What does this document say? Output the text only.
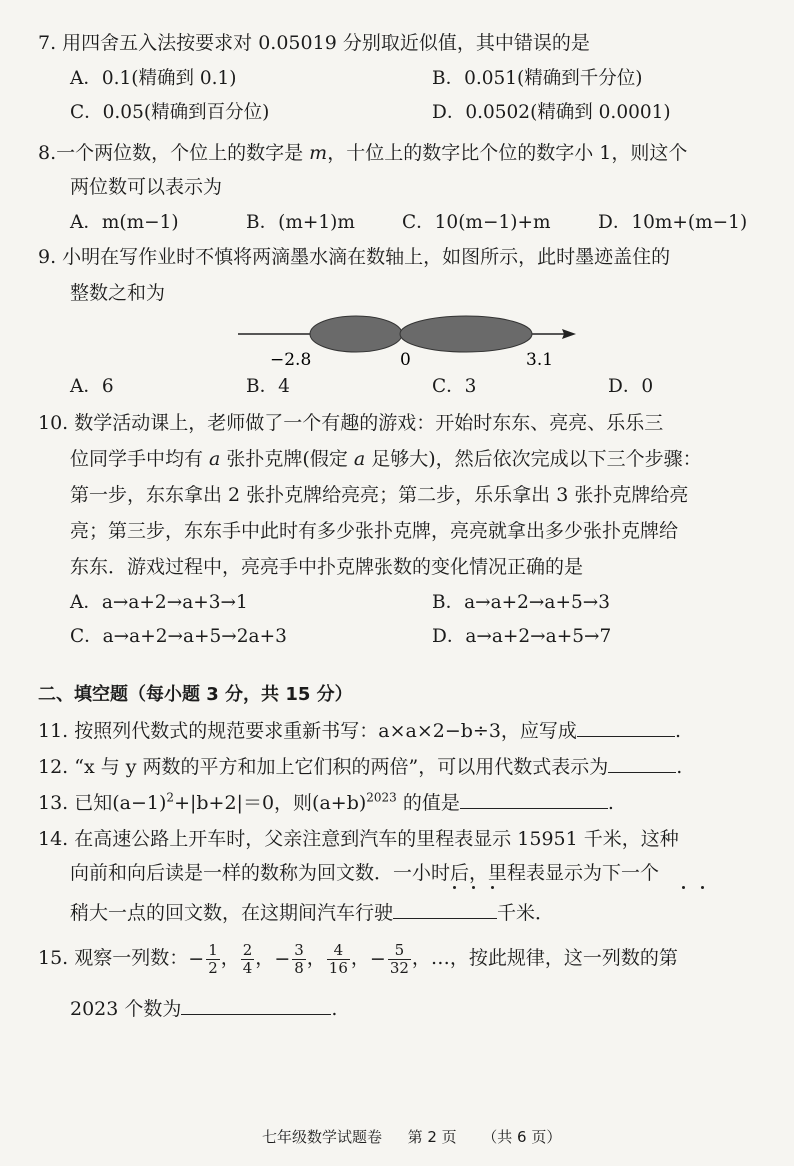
7. 用四舍五入法按要求对 0.05019 分别取近似值，其中错误的是
A．0.1(精确到 0.1)	B．0.051(精确到千分位)
C．0.05(精确到百分位)	D．0.0502(精确到 0.0001)
8.一个两位数，个位上的数字是 m，十位上的数字比个位的数字小 1，则这个
两位数可以表示为
A．m(m−1)	B．(m+1)m	C．10(m−1)+m	D．10m+(m−1)
9. 小明在写作业时不慎将两滴墨水滴在数轴上，如图所示，此时墨迹盖住的
整数之和为
−2.8	0	3.1
A．6	B．4	C．3	D．0
10. 数学活动课上，老师做了一个有趣的游戏：开始时东东、亮亮、乐乐三
位同学手中均有 a 张扑克牌(假定 a 足够大)，然后依次完成以下三个步骤：
第一步，东东拿出 2 张扑克牌给亮亮；第二步，乐乐拿出 3 张扑克牌给亮
亮；第三步，东东手中此时有多少张扑克牌，亮亮就拿出多少张扑克牌给
东东．游戏过程中，亮亮手中扑克牌张数的变化情况正确的是
A．a→a+2→a+3→1	B．a→a+2→a+5→3
C．a→a+2→a+5→2a+3	D．a→a+2→a+5→7
二、填空题（每小题 3 分，共 15 分）
11. 按照列代数式的规范要求重新书写：a×a×2−b÷3，应写成	.
12. “x 与 y 两数的平方和加上它们积的两倍”，可以用代数式表示为	.
13. 已知$(a-1)^2+|b+2|=0$，则$(a+b)^{2023}$ 的值是	.
14. 在高速公路上开车时，父亲注意到汽车的里程表显示 15951 千米，这种
向前和向后读是一样的数称为回文数．一小时后，里程表显示为下一个
稍大一点的回文数，在这期间汽车行驶	千米．
15. 观察一列数：− $\frac{1}{2}$ ， $\frac{2}{4}$ ，− $\frac{3}{8}$ ， $\frac{4}{16}$ ，− $\frac{5}{32}$ ，…，按此规律，这一列数的第
2023 个数为	.
七年级数学试题卷 第 2 页 （共 6 页）
